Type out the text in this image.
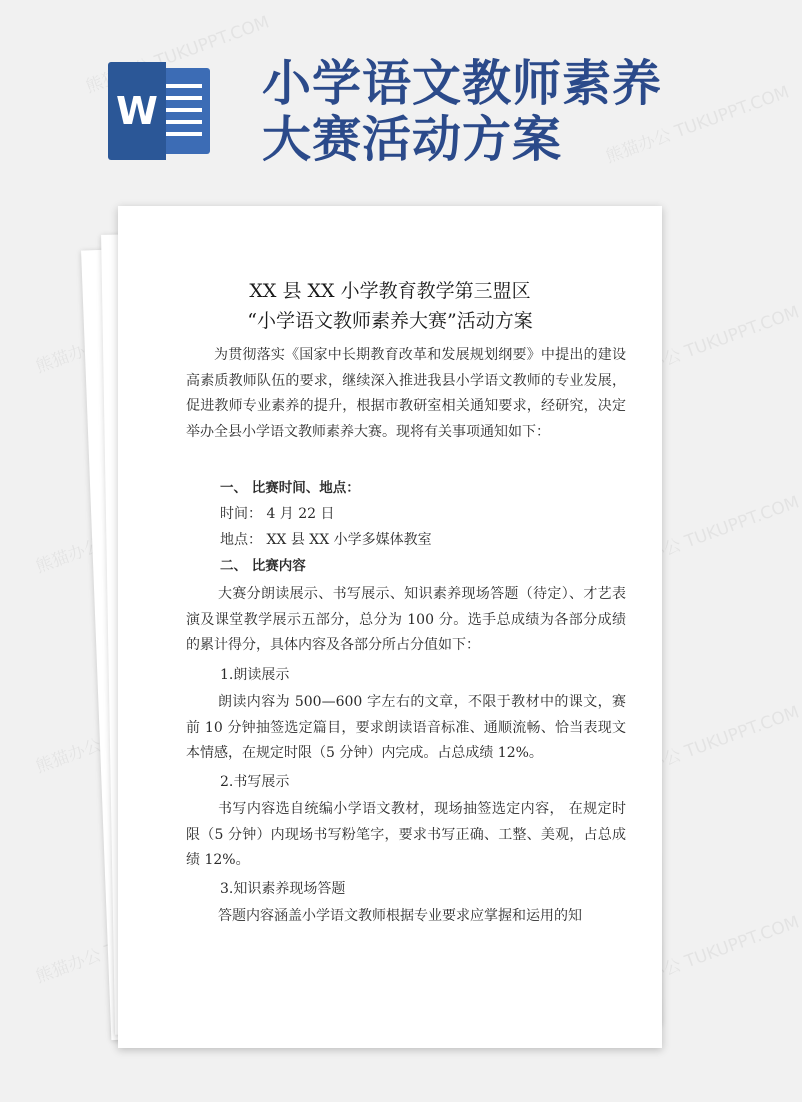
熊猫办公 TUKUPPT.COM
熊猫办公 TUKUPPT.COM
熊猫办公	熊猫办公 TUKUPPT.COM
熊猫办公	熊猫办公 TUKUPPT.COM
熊猫办公	熊猫办公 TUKUPPT.COM
熊猫办公	熊猫办公 TUKUPPT.COM
W 小学语文教师素养
大赛活动方案
XX 县 XX 小学教育教学第三盟区
“小学语文教师素养大赛”活动方案

为贯彻落实《国家中长期教育改革和发展规划纲要》中提出的建设高素质教师队伍的要求，继续深入推进我县小学语文教师的专业发展，促进教师专业素养的提升，根据市教研室相关通知要求，经研究，决定举办全县小学语文教师素养大赛。现将有关事项通知如下：

一、 比赛时间、地点：

时间： 4 月 22 日

地点： XX 县 XX 小学多媒体教室

二、 比赛内容

大赛分朗读展示、书写展示、知识素养现场答题（待定）、才艺表演及课堂教学展示五部分，总分为 100 分。选手总成绩为各部分成绩的累计得分，具体内容及各部分所占分值如下：

1.朗读展示

朗读内容为 500—600 字左右的文章，不限于教材中的课文，赛前 10 分钟抽签选定篇目，要求朗读语音标准、通顺流畅、恰当表现文本情感，在规定时限（5 分钟）内完成。占总成绩 12%。

2.书写展示

书写内容选自统编小学语文教材，现场抽签选定内容， 在规定时限（5 分钟）内现场书写粉笔字，要求书写正确、工整、美观，占总成绩 12%。

3.知识素养现场答题

答题内容涵盖小学语文教师根据专业要求应掌握和运用的知
